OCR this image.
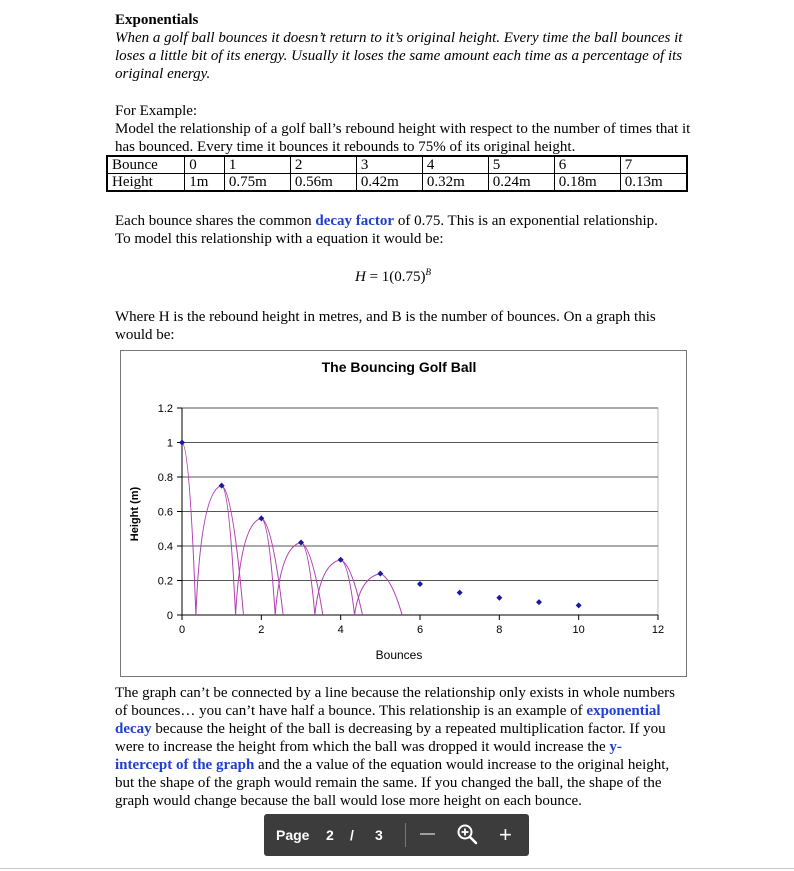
Exponentials
When a golf ball bounces it doesn’t return to it’s original height. Every time the ball bounces it loses a little bit of its energy. Usually it loses the same amount each time as a percentage of its original energy.
For Example:
Model the relationship of a golf ball’s rebound height with respect to the number of times that it has bounced. Every time it bounces it rebounds to 75% of its original height.
Bounce	0	1	2	3	4	5	6	7
Height	1m	0.75m	0.56m	0.42m	0.32m	0.24m	0.18m	0.13m
Each bounce shares the common decay factor of 0.75. This is an exponential relationship. To model this relationship with a equation it would be:
$H = 1(0.75)^B$
Where H is the rebound height in metres, and B is the number of bounces. On a graph this would be:
The Bouncing Golf Ball
0
0.2
0.4
0.6
0.8
1
1.2
0	2	4	6	8	10	12
Bounces
Height (m)
The graph can’t be connected by a line because the relationship only exists in whole numbers of bounces… you can’t have half a bounce. This relationship is an example of exponential decay because the height of the ball is decreasing by a repeated multiplication factor. If you were to increase the height from which the ball was dropped it would increase the y-intercept of the graph and the a value of the equation would increase to the original height, but the shape of the graph would remain the same. If you changed the ball, the shape of the graph would change because the ball would lose more height on each bounce.
Page 2 / 3 —	+
